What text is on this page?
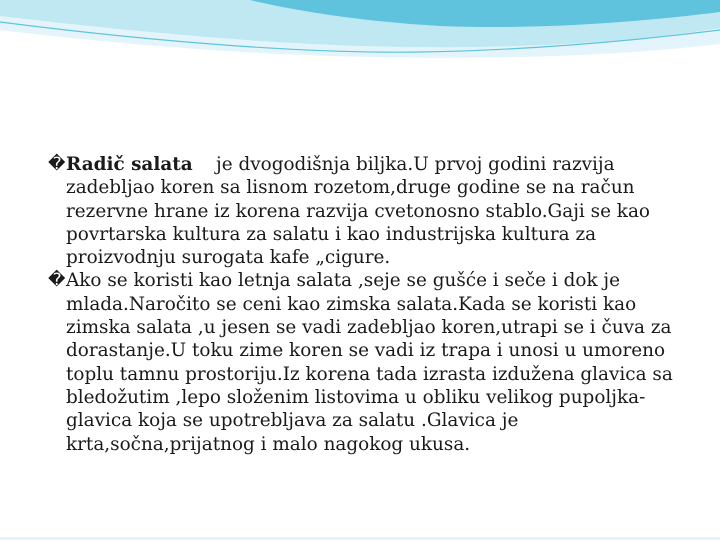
� Radič salata je dvogodišnja biljka.U prvoj godini razvija zadebljao koren sa lisnom rozetom,druge godine se na račun rezervne hrane iz korena razvija cvetonosno stablo.Gaji se kao povrtarska kultura za salatu i kao industrijska kultura za proizvodnju surogata kafe „cigure.

� Ako se koristi kao letnja salata ,seje se gušće i seče i dok je mlada.Naročito se ceni kao zimska salata.Kada se koristi kao zimska salata ,u jesen se vadi zadebljao koren,utrapi se i čuva za dorastanje.U toku zime koren se vadi iz trapa i unosi u umoreno toplu tamnu prostoriju.Iz korena tada izrasta izdužena glavica sa bledožutim ,lepo složenim listovima u obliku velikog pupoljka-glavica koja se upotrebljava za salatu .Glavica je krta,sočna,prijatnog i malo nagokog ukusa.
